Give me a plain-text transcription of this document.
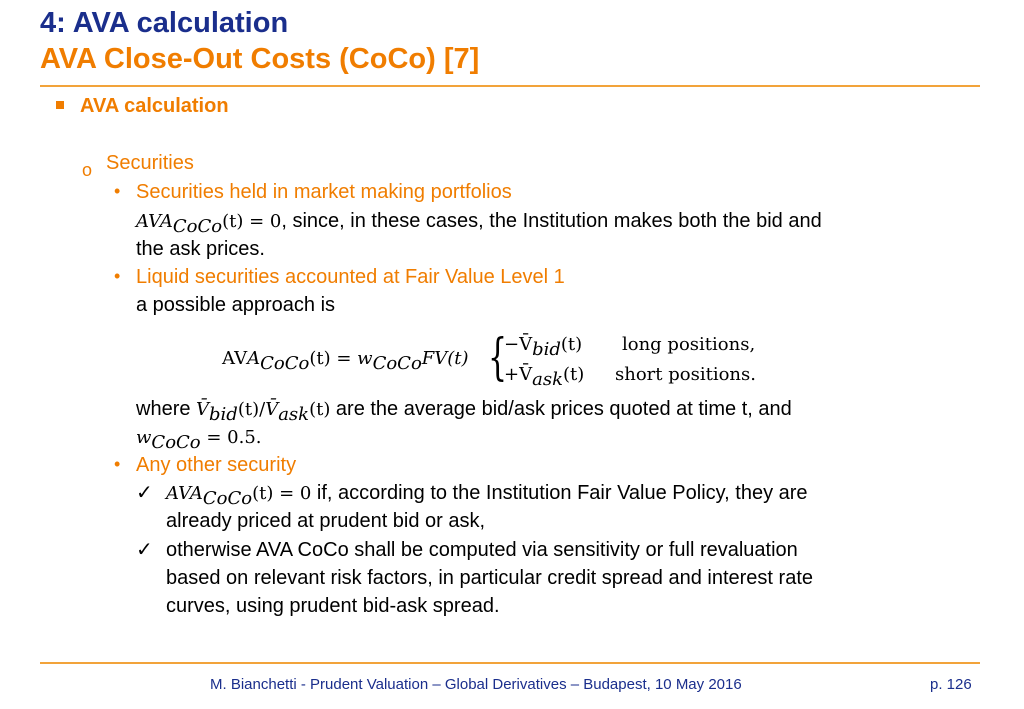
4: AVA calculation
AVA Close-Out Costs (CoCo) [7]
AVA calculation
o Securities
• Securities held in market making portfolios
$AVA_{CoCo}(t) = 0$, since, in these cases, the Institution makes both the bid and
the ask prices.
• Liquid securities accounted at Fair Value Level 1
a possible approach is
$AVA_{CoCo}(t) = w_{CoCo}FV(t)$ {
$-V̄_{bid}(t)$ long positions,
$+V̄_{ask}(t)$ short positions.
where $V̄_{bid}(t)/V̄_{ask}(t)$ are the average bid/ask prices quoted at time t, and
$w_{CoCo} = 0.5$.
• Any other security
✓ $AVA_{CoCo}(t) = 0$ if, according to the Institution Fair Value Policy, they are
already priced at prudent bid or ask,
✓ otherwise AVA CoCo shall be computed via sensitivity or full revaluation
based on relevant risk factors, in particular credit spread and interest rate
curves, using prudent bid-ask spread.
M. Bianchetti - Prudent Valuation – Global Derivatives – Budapest, 10 May 2016	p. 126
